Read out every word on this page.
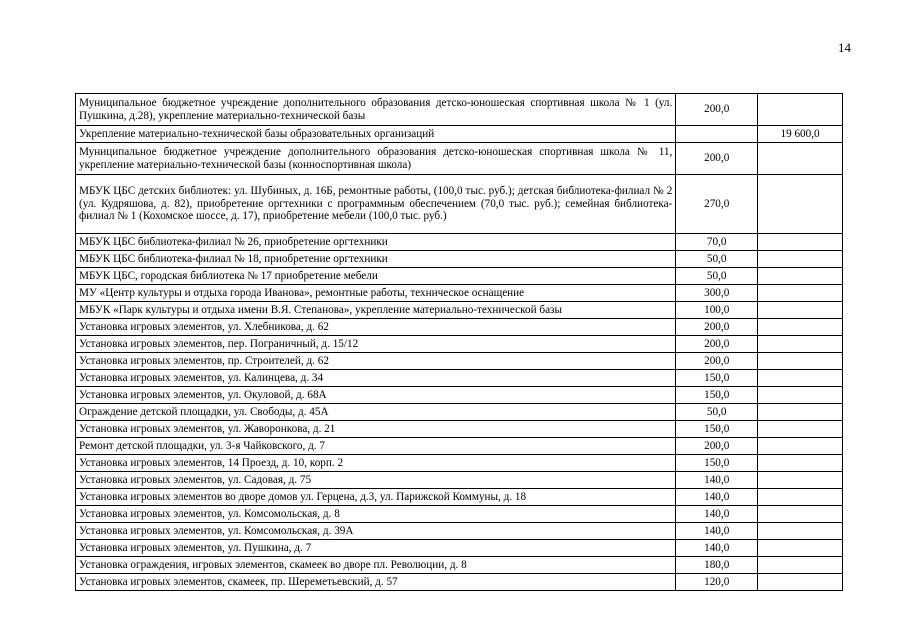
14
Муниципальное бюджетное учреждение дополнительного образования детско-юношеская спортивная школа № 1 (ул. Пушкина, д.28), укрепление материально-технической базы	200,0	
Укрепление материально-технической базы образовательных организаций		19 600,0
Муниципальное бюджетное учреждение дополнительного образования детско-юношеская спортивная школа № 11, укрепление материально-технической базы (конноспортивная школа)	200,0	
МБУК ЦБС детских библиотек: ул. Шубиных, д. 16Б, ремонтные работы, (100,0 тыс. руб.); детская библиотека-филиал № 2 (ул. Кудряшова, д. 82), приобретение оргтехники с программным обеспечением (70,0 тыс. руб.); семейная библиотека-филиал № 1 (Кохомское шоссе, д. 17), приобретение мебели (100,0 тыс. руб.)	270,0	
МБУК ЦБС библиотека-филиал № 26, приобретение оргтехники	70,0	
МБУК ЦБС библиотека-филиал № 18, приобретение оргтехники	50,0	
МБУК ЦБС, городская библиотека № 17 приобретение мебели	50,0	
МУ «Центр культуры и отдыха города Иванова», ремонтные работы, техническое оснащение	300,0	
МБУК «Парк культуры и отдыха имени В.Я. Степанова», укрепление материально-технической базы	100,0	
Установка игровых элементов, ул. Хлебникова, д. 62	200,0	
Установка игровых элементов, пер. Пограничный, д. 15/12	200,0	
Установка игровых элементов, пр. Строителей, д. 62	200,0	
Установка игровых элементов, ул. Калинцева, д. 34	150,0	
Установка игровых элементов, ул. Окуловой, д. 68А	150,0	
Ограждение детской площадки, ул. Свободы, д. 45А	50,0	
Установка игровых элементов, ул. Жаворонкова, д. 21	150,0	
Ремонт детской площадки, ул. 3-я Чайковского, д. 7	200,0	
Установка игровых элементов, 14 Проезд, д. 10, корп. 2	150,0	
Установка игровых элементов, ул. Садовая, д. 75	140,0	
Установка игровых элементов во дворе домов ул. Герцена, д.3, ул. Парижской Коммуны, д. 18	140,0	
Установка игровых элементов, ул. Комсомольская, д. 8	140,0	
Установка игровых элементов, ул. Комсомольская, д. 39А	140,0	
Установка игровых элементов, ул. Пушкина, д. 7	140,0	
Установка ограждения, игровых элементов, скамеек во дворе пл. Революции, д. 8	180,0	
Установка игровых элементов, скамеек, пр. Шереметьевский, д. 57	120,0	
